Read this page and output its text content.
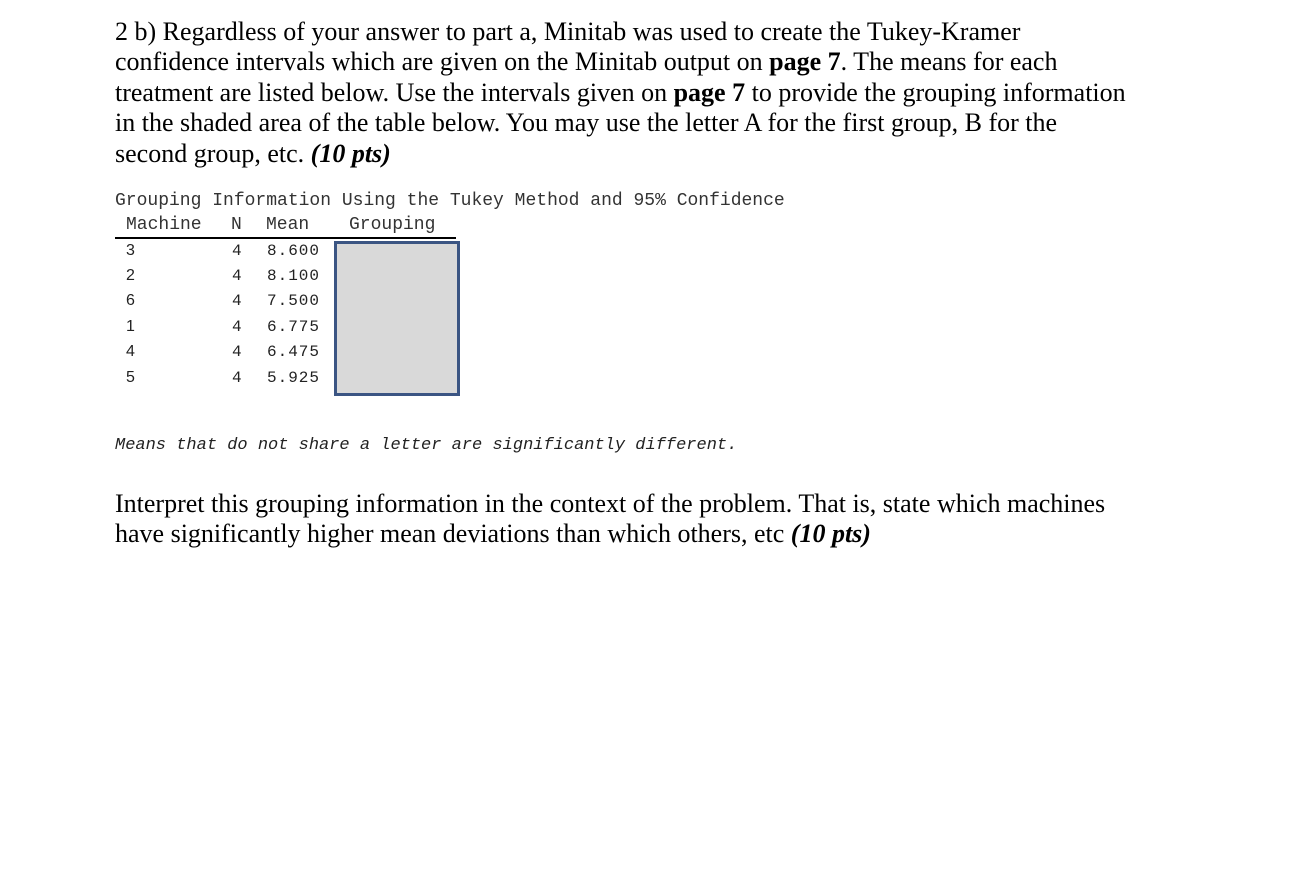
2 b) Regardless of your answer to part a, Minitab was used to create the Tukey-Kramer
confidence intervals which are given on the Minitab output on page 7. The means for each
treatment are listed below. Use the intervals given on page 7 to provide the grouping information
in the shaded area of the table below. You may use the letter A for the first group, B for the
second group, etc. (10 pts)
Grouping Information Using the Tukey Method and 95% Confidence
Machine N Mean Grouping
3	4 8.600
2	4 8.100
6	4 7.500
1	4 6.775
4	4 6.475
5	4 5.925
Means that do not share a letter are significantly different.
Interpret this grouping information in the context of the problem. That is, state which machines
have significantly higher mean deviations than which others, etc (10 pts)
